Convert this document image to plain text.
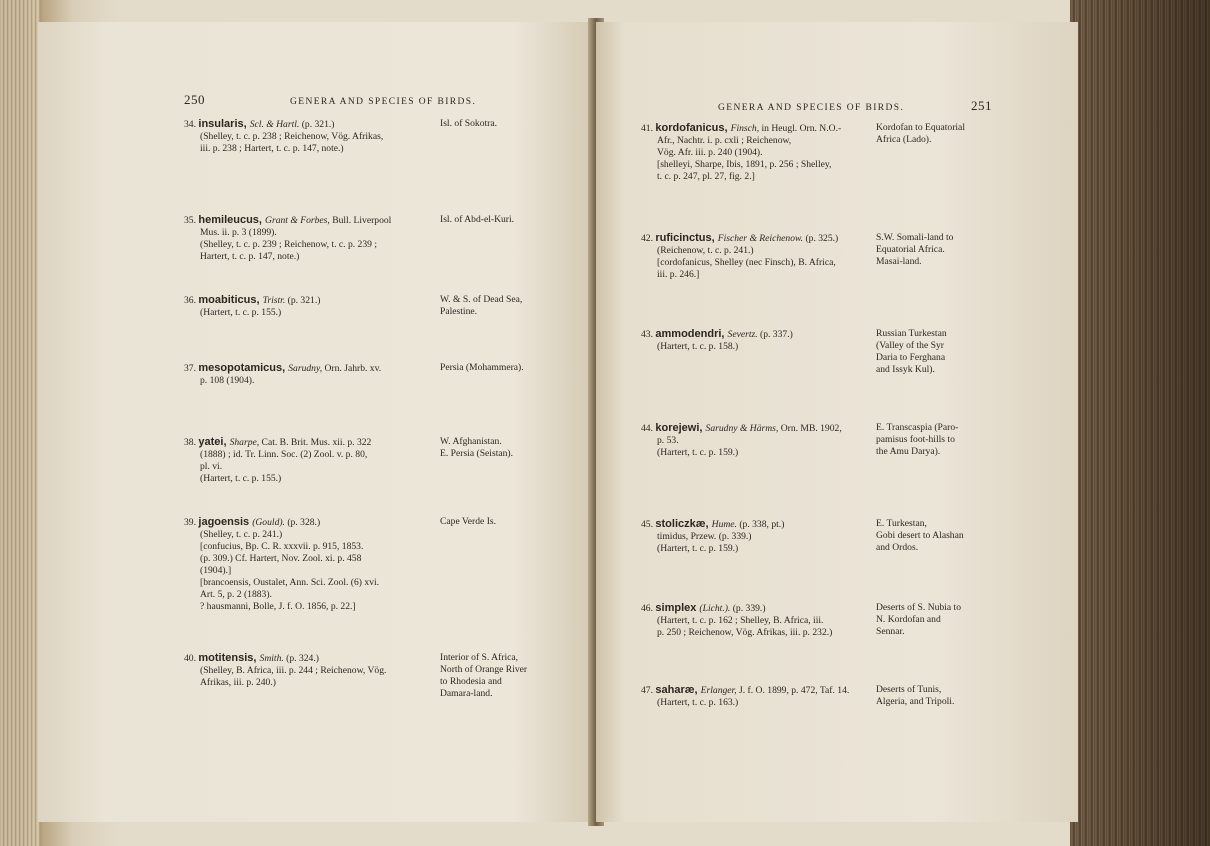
250	GENERA AND SPECIES OF BIRDS.
34. insularis, Scl. & Hartl. (p. 321.)
(Shelley, t. c. p. 238 ; Reichenow, Vög. Afrikas,
iii. p. 238 ; Hartert, t. c. p. 147, note.)
Isl. of Sokotra.
35. hemileucus, Grant & Forbes, Bull. Liverpool
Mus. ii. p. 3 (1899).
(Shelley, t. c. p. 239 ; Reichenow, t. c. p. 239 ;
Hartert, t. c. p. 147, note.)
Isl. of Abd-el-Kuri.
36. moabiticus, Tristr. (p. 321.)
(Hartert, t. c. p. 155.)
W. & S. of Dead Sea,
Palestine.
37. mesopotamicus, Sarudny, Orn. Jahrb. xv.
p. 108 (1904).
Persia (Mohammera).
38. yatei, Sharpe, Cat. B. Brit. Mus. xii. p. 322
(1888) ; id. Tr. Linn. Soc. (2) Zool. v. p. 80,
pl. vi.
(Hartert, t. c. p. 155.)
W. Afghanistan.
E. Persia (Seistan).
39. jagoensis (Gould). (p. 328.)
(Shelley, t. c. p. 241.)
[confucius, Bp. C. R. xxxvii. p. 915, 1853.
(p. 309.) Cf. Hartert, Nov. Zool. xi. p. 458
(1904).]
[brancoensis, Oustalet, Ann. Sci. Zool. (6) xvi.
Art. 5, p. 2 (1883).
? hausmanni, Bolle, J. f. O. 1856, p. 22.]
Cape Verde Is.
40. motitensis, Smith. (p. 324.)
(Shelley, B. Africa, iii. p. 244 ; Reichenow, Vög.
Afrikas, iii. p. 240.)
Interior of S. Africa,
North of Orange River
to Rhodesia and
Damara-land.
GENERA AND SPECIES OF BIRDS.	251
41. kordofanicus, Finsch, in Heugl. Orn. N.O.-
Afr., Nachtr. i. p. cxli ; Reichenow,
Vög. Afr. iii. p. 240 (1904).
[shelleyi, Sharpe, Ibis, 1891, p. 256 ; Shelley,
t. c. p. 247, pl. 27, fig. 2.]
Kordofan to Equatorial
Africa (Lado).
42. ruficinctus, Fischer & Reichenow. (p. 325.)
(Reichenow, t. c. p. 241.)
[cordofanicus, Shelley (nec Finsch), B. Africa,
iii. p. 246.]
S.W. Somali-land to
Equatorial Africa.
Masai-land.
43. ammodendri, Severtz. (p. 337.)
(Hartert, t. c. p. 158.)
Russian Turkestan
(Valley of the Syr
Daria to Ferghana
and Issyk Kul).
44. korejewi, Sarudny & Härms, Orn. MB. 1902,
p. 53.
(Hartert, t. c. p. 159.)
E. Transcaspia (Paro-
pamisus foot-hills to
the Amu Darya).
45. stoliczkæ, Hume. (p. 338, pt.)
timidus, Przew. (p. 339.)
(Hartert, t. c. p. 159.)
E. Turkestan,
Gobi desert to Alashan
and Ordos.
46. simplex (Licht.). (p. 339.)
(Hartert, t. c. p. 162 ; Shelley, B. Africa, iii.
p. 250 ; Reichenow, Vög. Afrikas, iii. p. 232.)
Deserts of S. Nubia to
N. Kordofan and
Sennar.
47. saharæ, Erlanger, J. f. O. 1899, p. 472, Taf. 14.
(Hartert, t. c. p. 163.)
Deserts of Tunis,
Algeria, and Tripoli.
